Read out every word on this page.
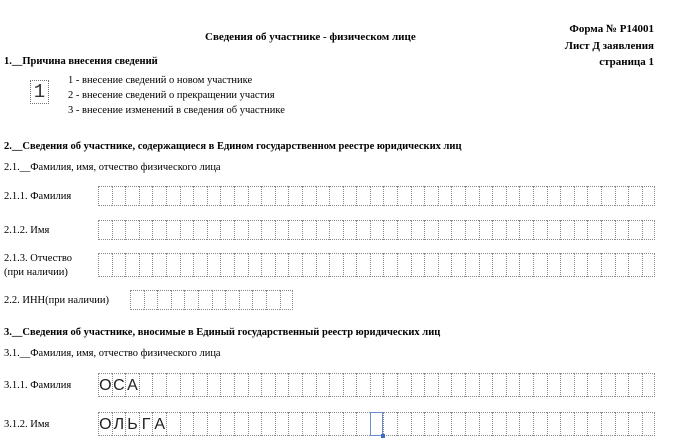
Сведения об участнике - физическом лице
Форма № Р14001
Лист Д заявления
страница 1
1.__Причина внесения сведений
1
1 - внесение сведений о новом участнике
2 - внесение сведений о прекращении участия
3 - внесение изменений в сведения об участнике
2.__Сведения об участнике, содержащиеся в Едином государственном реестре юридических лиц
2.1.__Фамилия, имя, отчество физического лица
2.1.1. Фамилия
2.1.2. Имя
2.1.3. Отчество
(при наличии)
2.2. ИНН(при наличии)
3.__Сведения об участнике, вносимые в Единый государственный реестр юридических лиц
3.1.__Фамилия, имя, отчество физического лица
3.1.1. Фамилия О С А
3.1.2. Имя	О Л Ь Г А
